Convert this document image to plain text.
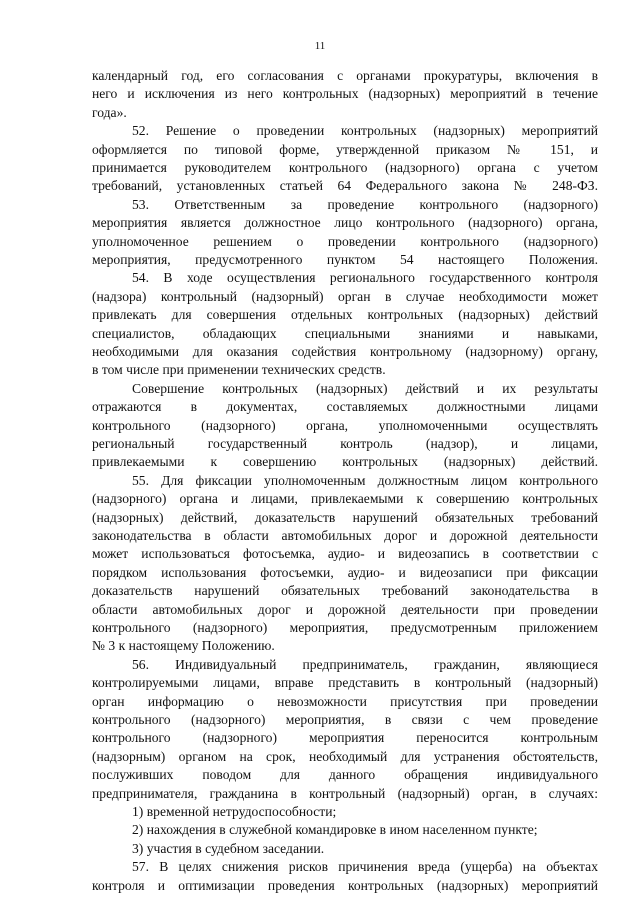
11
календарный год, его согласования с органами прокуратуры, включения в
него и исключения из него контрольных (надзорных) мероприятий в течение
года».
52. Решение о проведении контрольных (надзорных) мероприятий
оформляется по типовой форме, утвержденной приказом № 151, и
принимается руководителем контрольного (надзорного) органа с учетом
требований, установленных статьей 64 Федерального закона № 248-ФЗ.
53. Ответственным за проведение контрольного (надзорного)
мероприятия является должностное лицо контрольного (надзорного) органа,
уполномоченное решением о проведении контрольного (надзорного)
мероприятия, предусмотренного пунктом 54 настоящего Положения.
54. В ходе осуществления регионального государственного контроля
(надзора) контрольный (надзорный) орган в случае необходимости может
привлекать для совершения отдельных контрольных (надзорных) действий
специалистов, обладающих специальными знаниями и навыками,
необходимыми для оказания содействия контрольному (надзорному) органу,
в том числе при применении технических средств.
Совершение контрольных (надзорных) действий и их результаты
отражаются в документах, составляемых должностными лицами
контрольного (надзорного) органа, уполномоченными осуществлять
региональный государственный контроль (надзор), и лицами,
привлекаемыми к совершению контрольных (надзорных) действий.
55. Для фиксации уполномоченным должностным лицом контрольного
(надзорного) органа и лицами, привлекаемыми к совершению контрольных
(надзорных) действий, доказательств нарушений обязательных требований
законодательства в области автомобильных дорог и дорожной деятельности
может использоваться фотосъемка, аудио- и видеозапись в соответствии с
порядком использования фотосъемки, аудио- и видеозаписи при фиксации
доказательств нарушений обязательных требований законодательства в
области автомобильных дорог и дорожной деятельности при проведении
контрольного (надзорного) мероприятия, предусмотренным приложением
№ 3 к настоящему Положению.
56. Индивидуальный предприниматель, гражданин, являющиеся
контролируемыми лицами, вправе представить в контрольный (надзорный)
орган информацию о невозможности присутствия при проведении
контрольного (надзорного) мероприятия, в связи с чем проведение
контрольного (надзорного) мероприятия переносится контрольным
(надзорным) органом на срок, необходимый для устранения обстоятельств,
послуживших поводом для данного обращения индивидуального
предпринимателя, гражданина в контрольный (надзорный) орган, в случаях:
1) временной нетрудоспособности;
2) нахождения в служебной командировке в ином населенном пункте;
3) участия в судебном заседании.
57. В целях снижения рисков причинения вреда (ущерба) на объектах
контроля и оптимизации проведения контрольных (надзорных) мероприятий
